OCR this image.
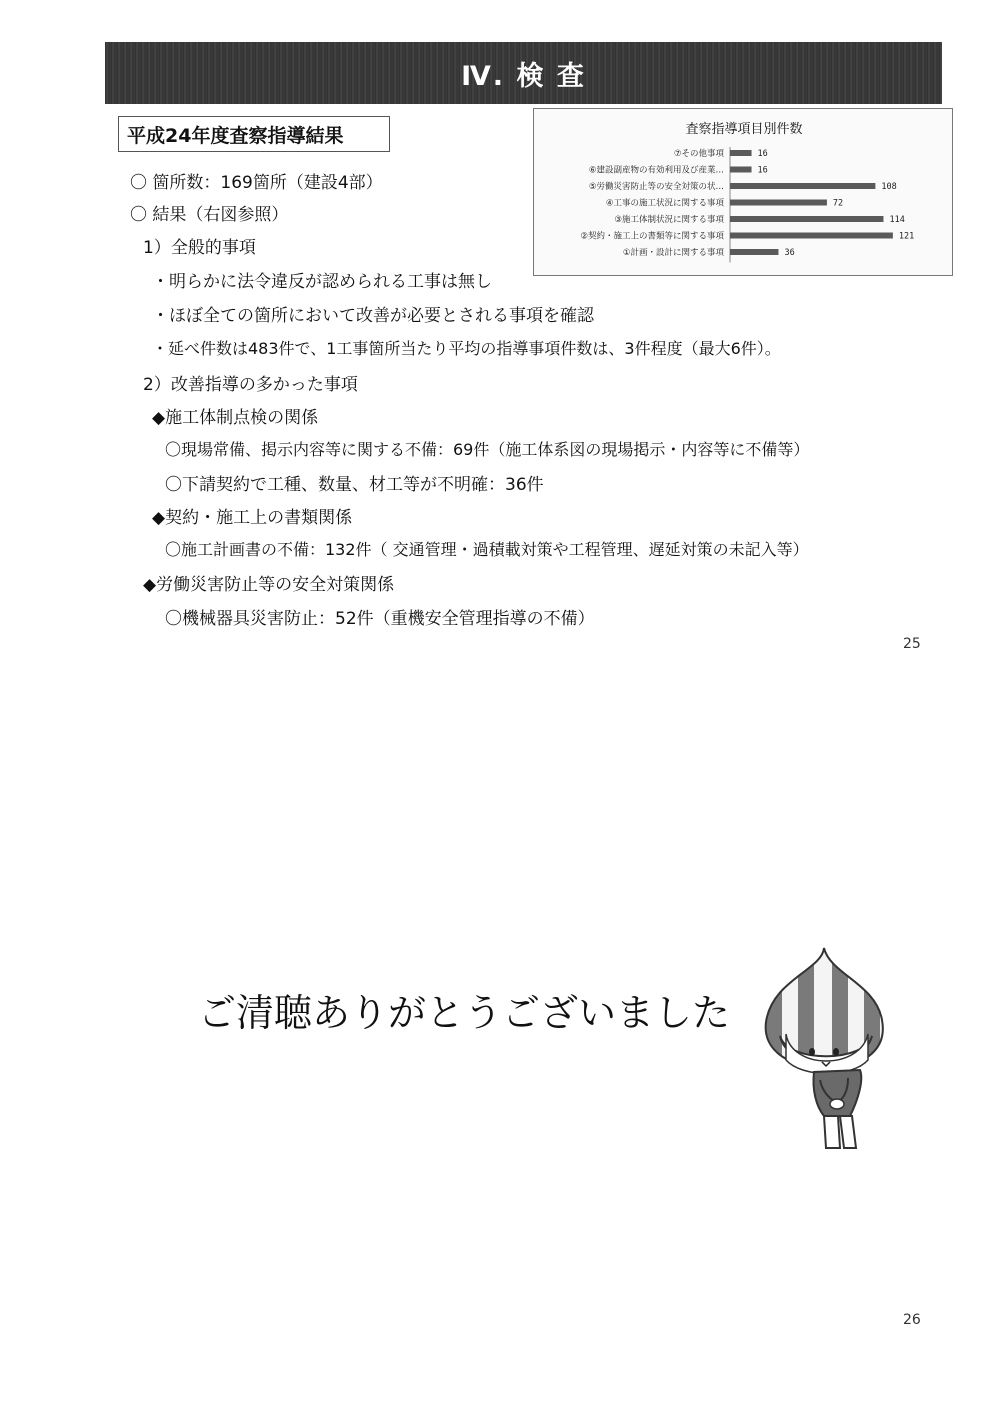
Ⅳ. 検 査
平成24年度査察指導結果	査察指導項目別件数
⑦その他事項	16
⑥建設副産物の有効利用及び産業…	16
⑤労働災害防止等の安全対策の状…	108
④工事の施工状況に関する事項	72
③施工体制状況に関する事項	114
②契約・施工上の書類等に関する事項	121
①計画・設計に関する事項	36
〇 箇所数：169箇所（建設4部）
〇 結果（右図参照）
1）全般的事項
・明らかに法令違反が認められる工事は無し
・ほぼ全ての箇所において改善が必要とされる事項を確認
・延べ件数は483件で、1工事箇所当たり平均の指導事項件数は、3件程度（最大6件）。
2）改善指導の多かった事項
◆施工体制点検の関係
〇現場常備、掲示内容等に関する不備：69件（施工体系図の現場掲示・内容等に不備等）
〇下請契約で工種、数量、材工等が不明確：36件
◆契約・施工上の書類関係
〇施工計画書の不備：132件（ 交通管理・過積載対策や工程管理、遅延対策の未記入等）
◆労働災害防止等の安全対策関係
〇機械器具災害防止：52件（重機安全管理指導の不備）
25
ご清聴ありがとうございました
26
